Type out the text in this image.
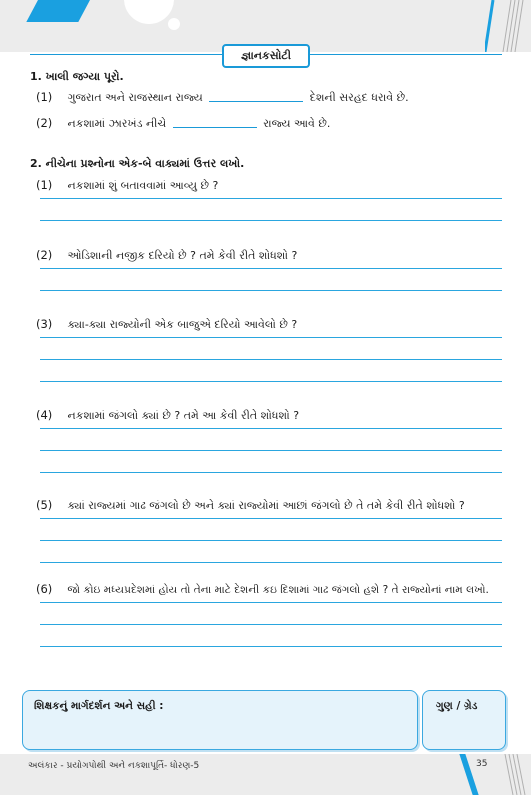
જ્ઞાનકસોટી
1. ખાલી જગ્યા પૂરો.
(1) ગુજરાત અને રાજસ્થાન રાજ્ય	દેશની સરહદ ધરાવે છે.
(2) નકશામાં ઝારખંડ નીચે	રાજ્ય આવે છે.
2. નીચેના પ્રશ્નોના એક-બે વાક્યમાં ઉત્તર લખો.
(1) નકશામાં શું બતાવવામાં આવ્યુ છે ?
(2) ઓડિશાની નજીક દરિયો છે ? તમે કેવી રીતે શોધશો ?
(3) ક્યા-ક્યા રાજ્યોની એક બાજુએ દરિયો આવેલો છે ?
(4) નકશામાં જંગલો ક્યાં છે ? તમે આ કેવી રીતે શોધશો ?
(5) ક્યાં રાજ્યમાં ગાઢ જંગલો છે અને ક્યાં રાજ્યોમાં આછાં જંગલો છે તે તમે કેવી રીતે શોધશો ?
(6) જો કોઇ મધ્યપ્રદેશમાં હોય તો તેના માટે દેશની કઇ દિશામાં ગાઢ જંગલો હશે ? તે રાજ્યોનાં નામ લખો.
શિક્ષકનું માર્ગદર્શન અને સહી :	ગુણ / ગ્રેડ
અલંકાર - પ્રયોગપોથી અને નકશાપૂર્તિ- ધોરણ-5	35
